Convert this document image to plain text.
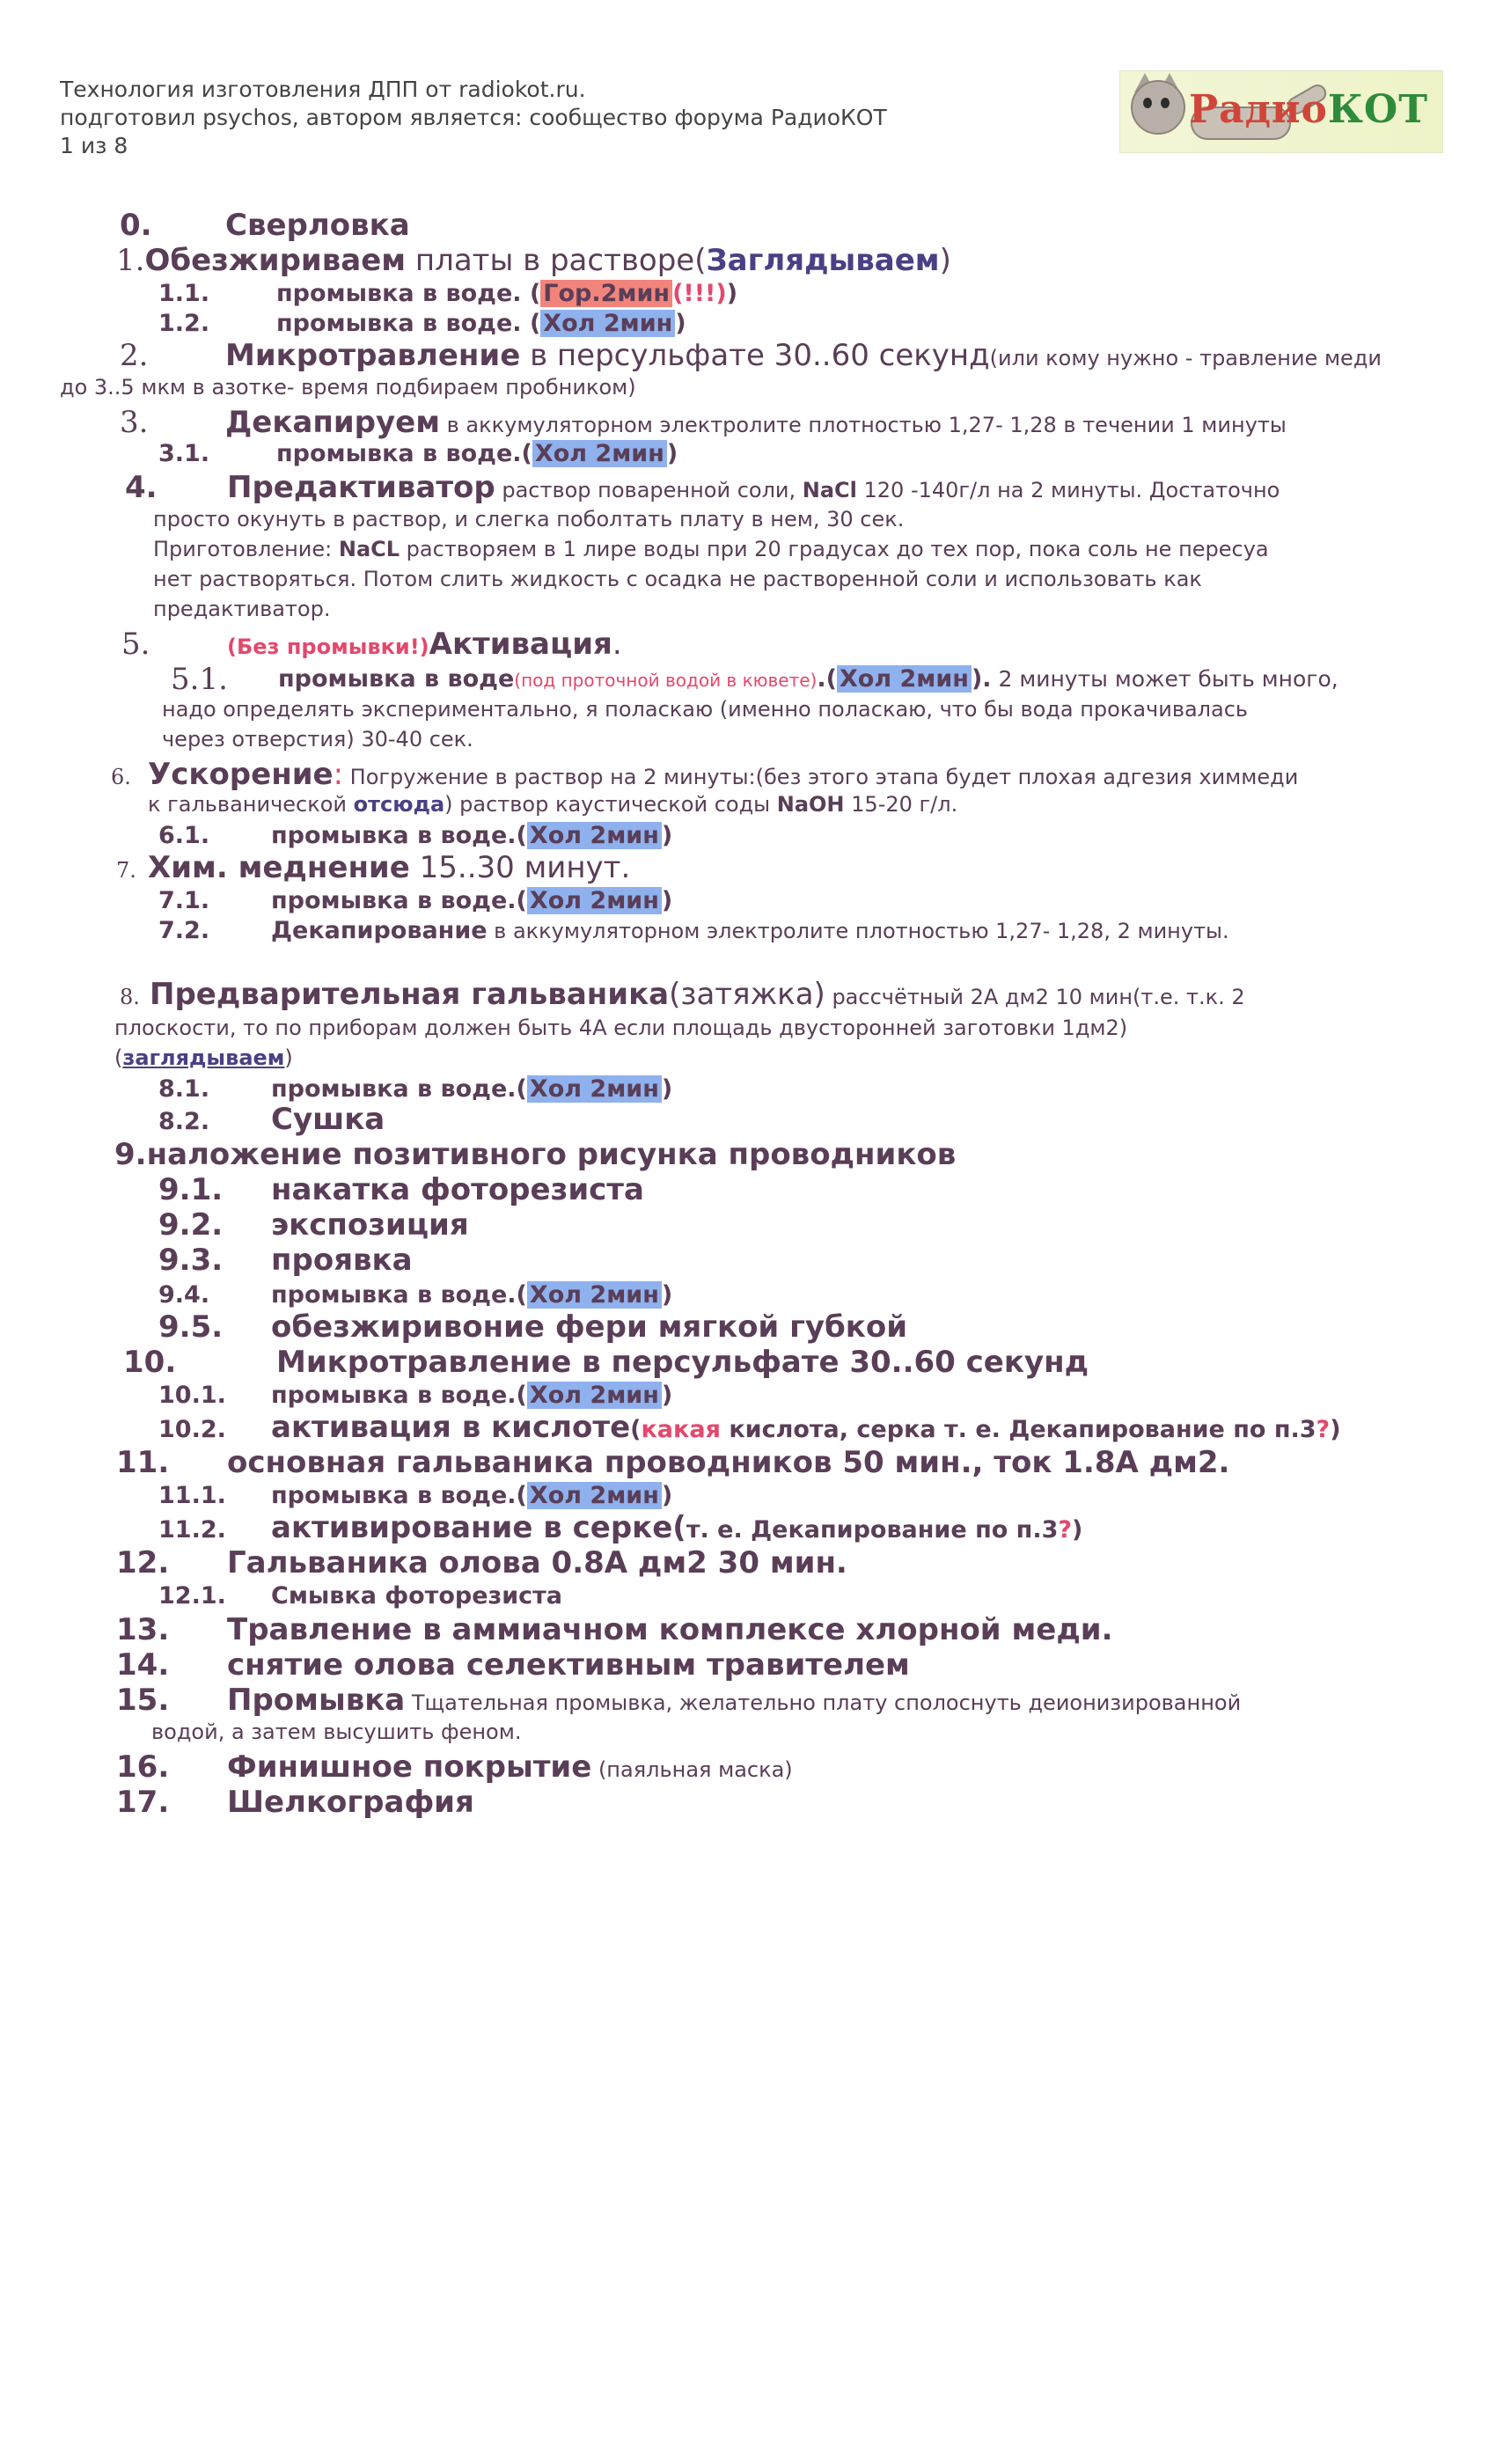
Технология изготовления ДПП от radiokot.ru.
подготовил psychos, автором является: сообщество форума РадиоКОТ
1 из 8
РадиоКОТ
0. Сверловка
1.Обезжириваем платы в растворе(Заглядываем)
1.1.	промывка в воде. ( Гор.2мин (!!!))
1.2.	промывка в воде. ( Хол 2мин )
2.	Микротравление в персульфате 30..60 секунд(или кому нужно - травление меди
до 3..5 мкм в азотке- время подбираем пробником)
3.	Декапируем в аккумуляторном электролите плотностью 1,27- 1,28 в течении 1 минуты
3.1.	промывка в воде.( Хол 2мин )
4. Предактиватор раствор поваренной соли, NaCl 120 -140г/л на 2 минуты. Достаточно
просто окунуть в раствор, и слегка поболтать плату в нем, 30 сек.
Приготовление: NaCL растворяем в 1 лире воды при 20 градусах до тех пор, пока соль не пересуа
нет растворяться. Потом слить жидкость с осадка не растворенной соли и использовать как
предактиватор.
5.	(Без промывки!)Активация.
5.1. промывка в воде(под проточной водой в кювете).( Хол 2мин ). 2 минуты может быть много,
надо определять экспериментально, я поласкаю (именно поласкаю, что бы вода прокачивалась
через отверстия) 30-40 сек.
6. Ускорение: Погружение в раствор на 2 минуты:(без этого этапа будет плохая адгезия химмеди
к гальванической отсюда) раствор каустической соды NaOH 15-20 г/л.
6.1.	промывка в воде.( Хол 2мин )
7. Хим. меднение 15..30 минут.
7.1.	промывка в воде.( Хол 2мин )
7.2.	Декапирование в аккумуляторном электролите плотностью 1,27- 1,28, 2 минуты.
8. Предварительная гальваника(затяжка) рассчётный 2А дм2 10 мин(т.е. т.к. 2
плоскости, то по приборам должен быть 4А если площадь двусторонней заготовки 1дм2)
(заглядываем)
8.1.	промывка в воде.( Хол 2мин )
8.2. Сушка
9.наложение позитивного рисунка проводников
9.1. накатка фоторезиста
9.2. экспозиция
9.3. проявка
9.4.	промывка в воде.( Хол 2мин )
9.5. обезжиривоние фери мягкой губкой
10.	Микротравление в персульфате 30..60 секунд
10.1. промывка в воде.( Хол 2мин )
10.2. активация в кислоте(какая кислота, серка т. е. Декапирование по п.3?)
11. основная гальваника проводников 50 мин., ток 1.8А дм2.
11.1. промывка в воде.( Хол 2мин )
11.2. активирование в серке(т. е. Декапирование по п.3?)
12. Гальваника олова 0.8А дм2 30 мин.
12.1. Смывка фоторезиста
13. Травление в аммиачном комплексе хлорной меди.
14. снятие олова селективным травителем
15. Промывка Тщательная промывка, желательно плату сполоснуть деионизированной
водой, а затем высушить феном.
16. Финишное покрытие (паяльная маска)
17. Шелкография
